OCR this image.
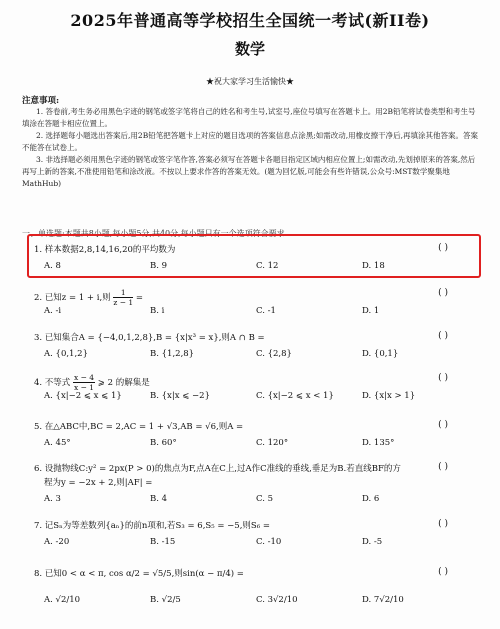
2025年普通高等学校招生全国统一考试(新II卷)
数学
★祝大家学习生活愉快★
注意事项:

1. 答卷前,考生务必用黑色字迹的钢笔或签字笔将自己的姓名和考生号,试室号,座位号填写在答题卡上。用2B铅笔将试卷类型和考生号填涂在答题卡相应位置上。

2. 选择题每小题选出答案后,用2B铅笔把答题卡上对应的题目选项的答案信息点涂黑;如需改动,用橡皮擦干净后,再填涂其他答案。答案不能答在试卷上。

3. 非选择题必须用黑色字迹的钢笔或签字笔作答,答案必须写在答题卡各题目指定区域内相应位置上;如需改动,先划掉原来的答案,然后再写上新的答案,不准使用铅笔和涂改液。不按以上要求作答的答案无效。(题为回忆版,可能会有些许错误,公众号:MST数学聚集地MathHub)

一、单选题:本题共8小题,每小题5分,共40分,每小题只有一个选项符合要求
1. 样本数据2,8,14,16,20的平均数为	( )
A. 8	B. 9	C. 12	D. 18
2. 已知z = 1 + i,则 $\frac{1}{z - 1}$ =	( )
A. -i	B. i	C. -1	D. 1
3. 已知集合A = {−4,0,1,2,8},B = {x|x³ = x},则A ∩ B =	( )
A. {0,1,2}	B. {1,2,8}	C. {2,8}	D. {0,1}
4. 不等式 $\frac{x - 4}{x - 1}$ ⩾ 2 的解集是	( )
A. {x|−2 ⩽ x ⩽ 1}	B. {x|x ⩽ −2}	C. {x|−2 ⩽ x < 1}	D. {x|x > 1}
5. 在△ABC中,BC = 2,AC = 1 + √3,AB = √6,则A =	( )
A. 45°	B. 60°	C. 120°	D. 135°
6. 设抛物线C:y² = 2px(P > 0)的焦点为F,点A在C上,过A作C准线的垂线,垂足为B.若直线BF的方	( )
程为y = −2x + 2,则|AF| =
A. 3	B. 4	C. 5	D. 6
7. 记Sₙ为等差数列{aₙ}的前n项和,若S₃ = 6,S₅ = −5,则S₆ =	( )
A. -20	B. -15	C. -10	D. -5
8. 已知0 < α < π, cos α/2 = √5/5,则sin(α − π/4) =	( )
A. √2/10	B. √2/5	C. 3√2/10	D. 7√2/10
